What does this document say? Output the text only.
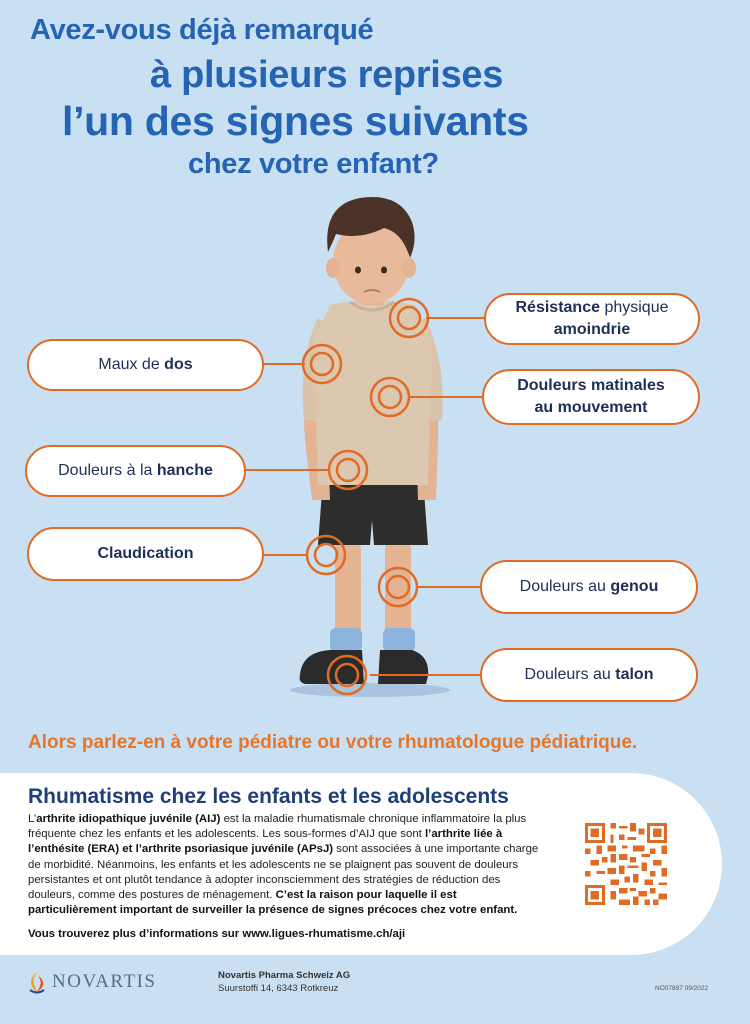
Avez-vous déjà remarqué
à plusieurs reprises
l’un des signes suivants
chez votre enfant?
Résistance physique
amoindrie
Maux de dos
Douleurs matinales
au mouvement
Douleurs à la hanche
Claudication
Douleurs au genou
Douleurs au talon
Alors parlez-en à votre pédiatre ou votre rhumatologue pédiatrique.
Rhumatisme chez les enfants et les adolescents
L’arthrite idiopathique juvénile (AIJ) est la maladie rhumatismale chronique inflammatoire la plus fréquente chez les enfants et les adolescents. Les sous-formes d’AIJ que sont l’arthrite liée à l’enthésite (ERA) et l’arthrite psoriasique juvénile (APsJ) sont associées à une importante charge de morbidité. Néanmoins, les enfants et les adolescents ne se plaignent pas souvent de douleurs persistantes et ont plutôt tendance à adopter inconsciemment des stratégies de réduction des douleurs, comme des postures de ménagement. C’est la raison pour laquelle il est particulièrement important de surveiller la présence de signes précoces chez votre enfant.
Vous trouverez plus d’informations sur www.ligues-rhumatisme.ch/aji
NOVARTIS	Novartis Pharma Schweiz AG
Suurstoffi 14, 6343 Rotkreuz	NO07897 09/2022
